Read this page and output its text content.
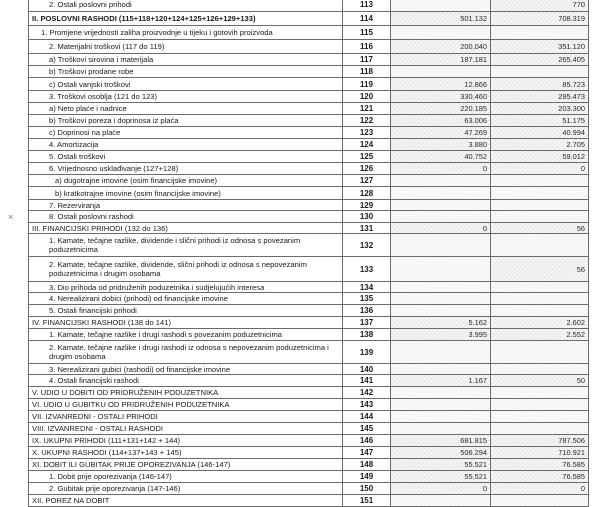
×
2. Ostali poslovni prihodi	113		770
II. POSLOVNI RASHODI (115+118+120+124+125+126+129+133)	114	501.132	708.319
1. Promjene vrijednosti zaliha proizvodnje u tijeku i gotovih proizvoda	115		
2. Materijalni troškovi (117 do 119)	116	200.040	351.120
a) Troškovi sirovina i materijala	117	187.181	265.405
b) Troškovi prodane robe	118		
c) Ostali vanjski troškovi	119	12.866	85.723
3. Troškovi osoblja (121 do 123)	120	330.460	295.473
a) Neto plaće i nadnice	121	220.185	203.300
b) Troškovi poreza i doprinosa iz plaća	122	63.006	51.175
c) Doprinosi na plaće	123	47.269	40.994
4. Amortizacija	124	3.880	2.705
5. Ostali troškovi	125	40.752	59.012
6. Vrijednosno usklađivanje (127+128)	126	0	0
a) dugotrajne imovine (osim financijske imovine)	127		
b) kratkotrajne imovine (osim financijske imovine)	128		
7. Rezerviranja	129		
8. Ostali poslovni rashodi	130		
III. FINANCIJSKI PRIHODI (132 do 136)	131	0	56
1. Kamate, tečajne razlike, dividende i slični prihodi iz odnosa s povezanim poduzetnicima	132		
2. Kamate, tečajne razlike, dividende, slični prihodi iz odnosa s nepovezanim poduzetnicima i drugim osobama	133		56
3. Dio prihoda od pridruženih poduzetnika i sudjelujućih interesa	134		
4. Nerealizirani dobici (prihodi) od financijske imovine	135		
5. Ostali financijski prihodi	136		
IV. FINANCIJSKI RASHODI (138 do 141)	137	5.162	2.602
1. Kamate, tečajne razlike i drugi rashodi s povezanim poduzetnicima	138	3.995	2.552
2. Kamate, tečajne razlike i drugi rashodi iz odnosa s nepovezanim poduzetnicima i drugim osobama	139		
3. Nerealizirani gubici (rashodi) od financijske imovine	140		
4. Ostali financijski rashodi	141	1.167	50
V. UDIO U DOBITI OD PRIDRUŽENIH PODUZETNIKA	142		
VI. UDIO U GUBITKU OD PRIDRUŽENIH PODUZETNIKA	143		
VII. IZVANREDNI - OSTALI PRIHODI	144		
VIII. IZVANREDNI - OSTALI RASHODI	145		
IX. UKUPNI PRIHODI (111+131+142 + 144)	146	681.815	787.506
X. UKUPNI RASHODI (114+137+143 + 145)	147	506.294	710.921
XI. DOBIT ILI GUBITAK PRIJE OPOREZIVANJA (146-147)	148	55.521	76.585
1. Dobit prije oporezivanja (146-147)	149	55.521	76.585
2. Gubitak prije oporezivanja (147-146)	150	0	0
XII. POREZ NA DOBIT	151		
